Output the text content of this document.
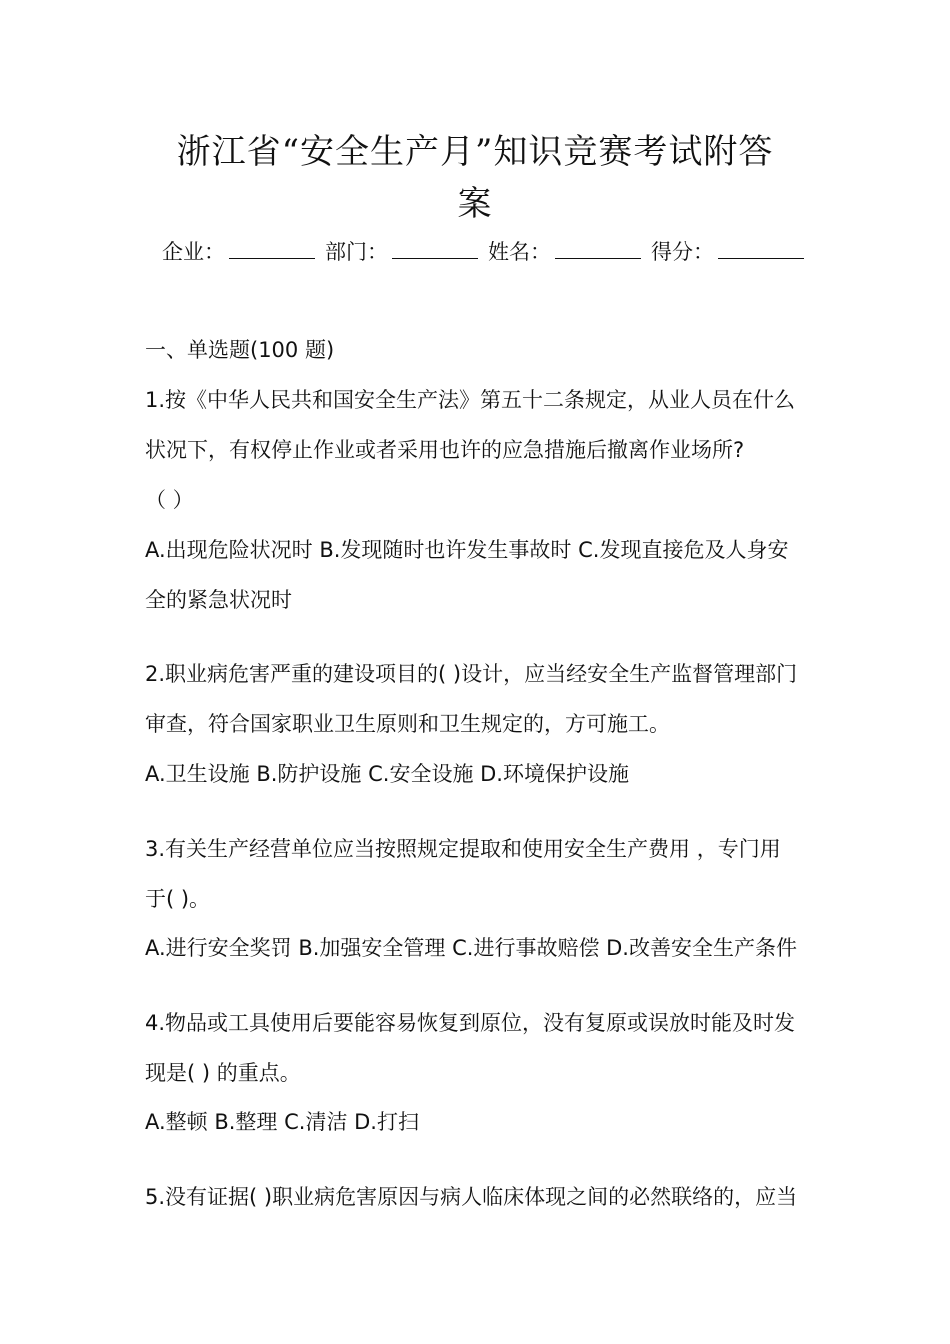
浙江省“安全生产月”知识竞赛考试附答
案
企业：	部门：	姓名：	得分：
一、单选题(100 题)
1.按《中华人民共和国安全生产法》第五十二条规定，从业人员在什么
状况下，有权停止作业或者采用也许的应急措施后撤离作业场所?
（ ）
A.出现危险状况时 B.发现随时也许发生事故时 C.发现直接危及人身安
全的紧急状况时
2.职业病危害严重的建设项目的( )设计，应当经安全生产监督管理部门
审查，符合国家职业卫生原则和卫生规定的，方可施工。
A.卫生设施 B.防护设施 C.安全设施 D.环境保护设施
3.有关生产经营单位应当按照规定提取和使用安全生产费用 ，专门用
于( )。
A.进行安全奖罚 B.加强安全管理 C.进行事故赔偿 D.改善安全生产条件
4.物品或工具使用后要能容易恢复到原位，没有复原或误放时能及时发
现是( ) 的重点。
A.整顿 B.整理 C.清洁 D.打扫
5.没有证据( )职业病危害原因与病人临床体现之间的必然联络的，应当
